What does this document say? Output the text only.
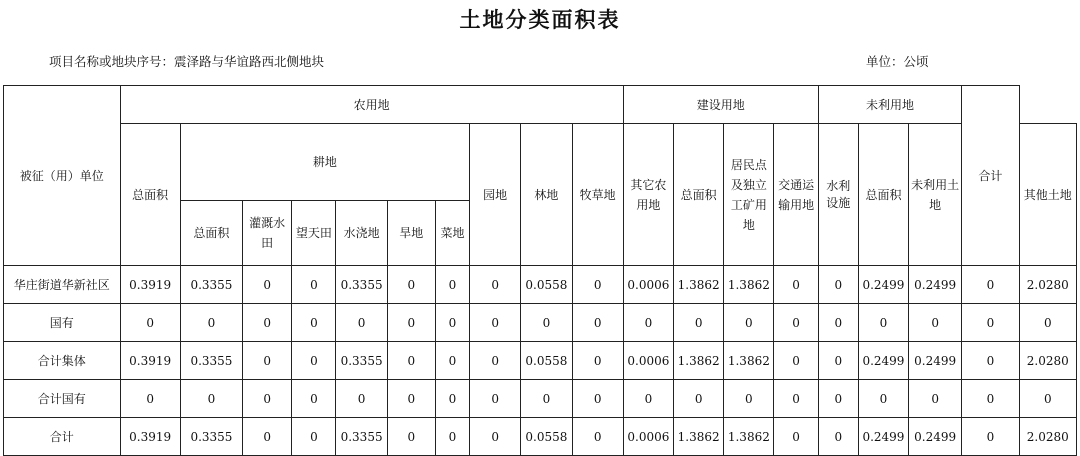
土地分类面积表
项目名称或地块序号：震泽路与华谊路西北侧地块	单位：公顷
被征（用）单位	农用地										建设用地				未利用地			合计	
	总面积	耕地						园地	林地	牧草地	其它农用地	总面积	居民点及独立工矿用地	交通运输用地	水利设施	总面积	未利用土地		其他土地
		总面积	灌溉水田	望天田	水浇地	旱地	菜地												
华庄街道华新社区	0.3919	0.3355	0	0	0.3355	0	0	0	0.0558	0	0.0006	1.3862	1.3862	0	0	0.2499	0.2499	0	2.0280
国有	0	0	0	0	0	0	0	0	0	0	0	0	0	0	0	0	0	0	0
合计集体	0.3919	0.3355	0	0	0.3355	0	0	0	0.0558	0	0.0006	1.3862	1.3862	0	0	0.2499	0.2499	0	2.0280
合计国有	0	0	0	0	0	0	0	0	0	0	0	0	0	0	0	0	0	0	0
合计	0.3919	0.3355	0	0	0.3355	0	0	0	0.0558	0	0.0006	1.3862	1.3862	0	0	0.2499	0.2499	0	2.0280
